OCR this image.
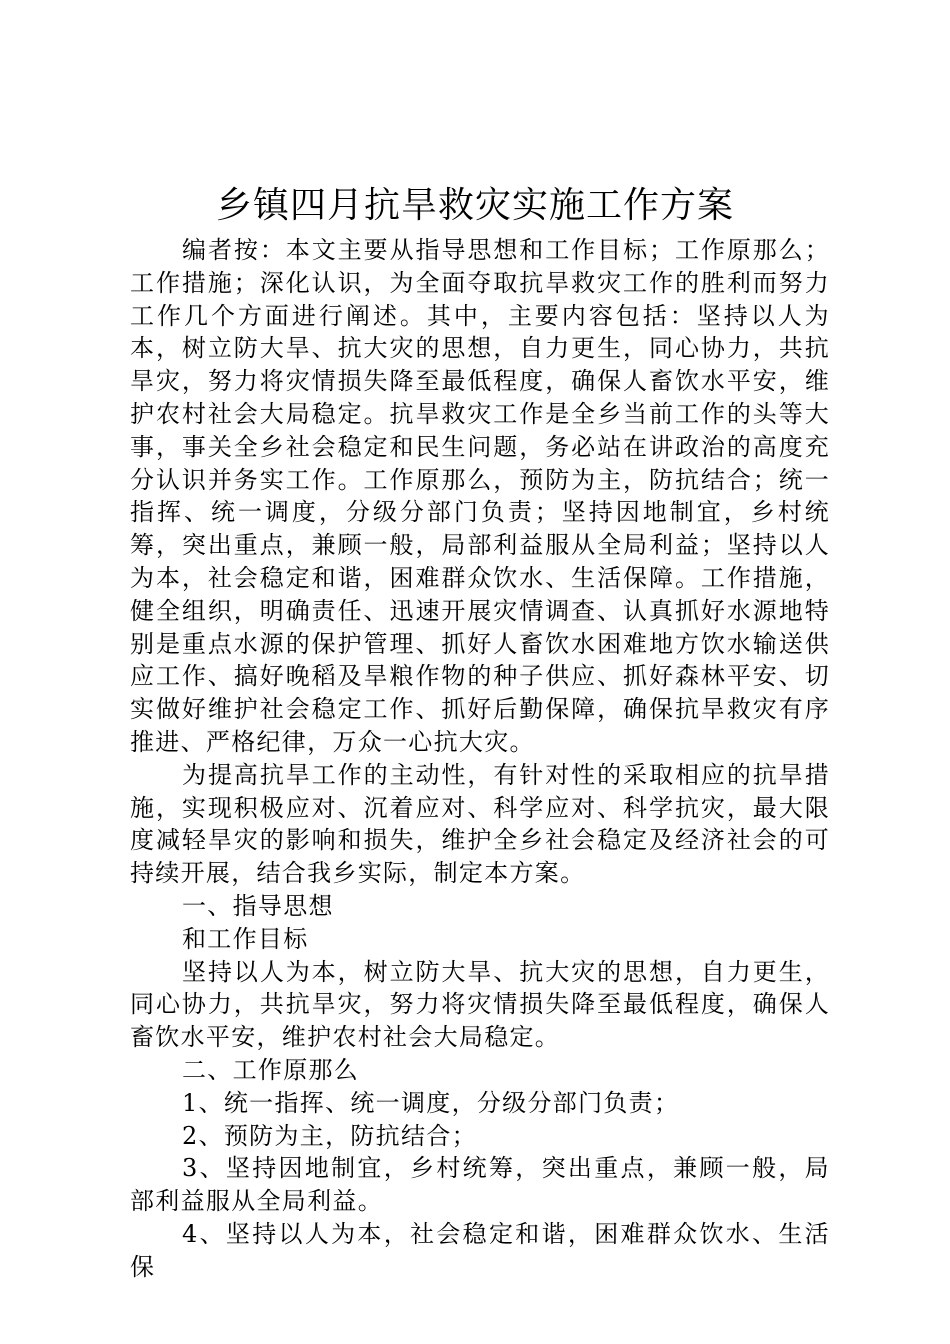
乡镇四月抗旱救灾实施工作方案

编者按：本文主要从指导思想和工作目标；工作原那么；工作措施；深化认识，为全面夺取抗旱救灾工作的胜利而努力工作几个方面进行阐述。其中，主要内容包括：坚持以人为本，树立防大旱、抗大灾的思想，自力更生，同心协力，共抗旱灾，努力将灾情损失降至最低程度，确保人畜饮水平安，维护农村社会大局稳定。抗旱救灾工作是全乡当前工作的头等大事，事关全乡社会稳定和民生问题，务必站在讲政治的高度充分认识并务实工作。工作原那么，预防为主，防抗结合；统一指挥、统一调度，分级分部门负责；坚持因地制宜，乡村统筹，突出重点，兼顾一般，局部利益服从全局利益；坚持以人为本，社会稳定和谐，困难群众饮水、生活保障。工作措施，健全组织，明确责任、迅速开展灾情调查、认真抓好水源地特别是重点水源的保护管理、抓好人畜饮水困难地方饮水输送供应工作、搞好晚稻及旱粮作物的种子供应、抓好森林平安、切实做好维护社会稳定工作、抓好后勤保障，确保抗旱救灾有序推进、严格纪律，万众一心抗大灾。

为提高抗旱工作的主动性，有针对性的采取相应的抗旱措施，实现积极应对、沉着应对、科学应对、科学抗灾，最大限度减轻旱灾的影响和损失，维护全乡社会稳定及经济社会的可持续开展，结合我乡实际，制定本方案。

一、指导思想

和工作目标

坚持以人为本，树立防大旱、抗大灾的思想，自力更生，同心协力，共抗旱灾，努力将灾情损失降至最低程度，确保人畜饮水平安，维护农村社会大局稳定。

二、工作原那么

1、统一指挥、统一调度，分级分部门负责；

2、预防为主，防抗结合；

3、坚持因地制宜，乡村统筹，突出重点，兼顾一般，局部利益服从全局利益。

4、坚持以人为本，社会稳定和谐，困难群众饮水、生活保
